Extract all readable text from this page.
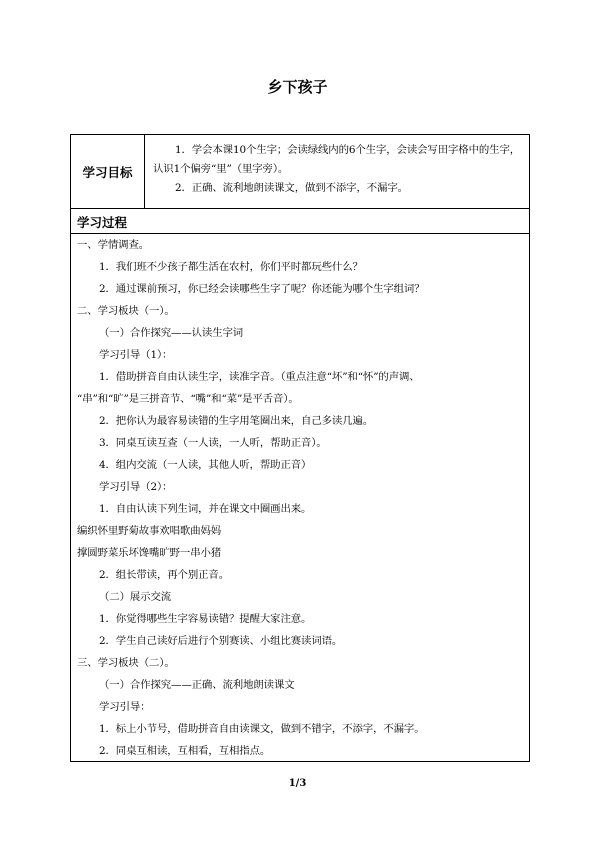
乡下孩子
学习目标

1．学会本课10个生字；会读绿线内的6个生字，会读会写田字格中的生字，认识1个偏旁“里”（里字旁）。

2．正确、流利地朗读课文，做到不添字，不漏字。

学习过程
一、学情调查。
1．我们班不少孩子都生活在农村，你们平时都玩些什么？
2．通过课前预习，你已经会读哪些生字了呢？你还能为哪个生字组词？
二、学习板块（一）。
（一）合作探究——认读生字词
学习引导（1）：
1．借助拼音自由认读生字，读准字音。（重点注意“坏”和“怀”的声调、
“串”和“旷”是三拼音节、“嘴”和“菜”是平舌音）。
2．把你认为最容易读错的生字用笔圈出来，自己多读几遍。
3．同桌互读互查（一人读，一人听，帮助正音）。
4．组内交流（一人读，其他人听，帮助正音）
学习引导（2）：
1．自由认读下列生词，并在课文中圈画出来。
编织怀里野菊故事欢唱歌曲妈妈
撑圆野菜乐坏馋嘴旷野一串小猪
2．组长带读，再个别正音。
（二）展示交流
1．你觉得哪些生字容易读错？提醒大家注意。
2．学生自己读好后进行个别赛读、小组比赛读词语。
三、学习板块（二）。
（一）合作探究——正确、流利地朗读课文
学习引导：
1．标上小节号，借助拼音自由读课文，做到不错字，不添字，不漏字。
2．同桌互相读，互相看，互相指点。
1/3
